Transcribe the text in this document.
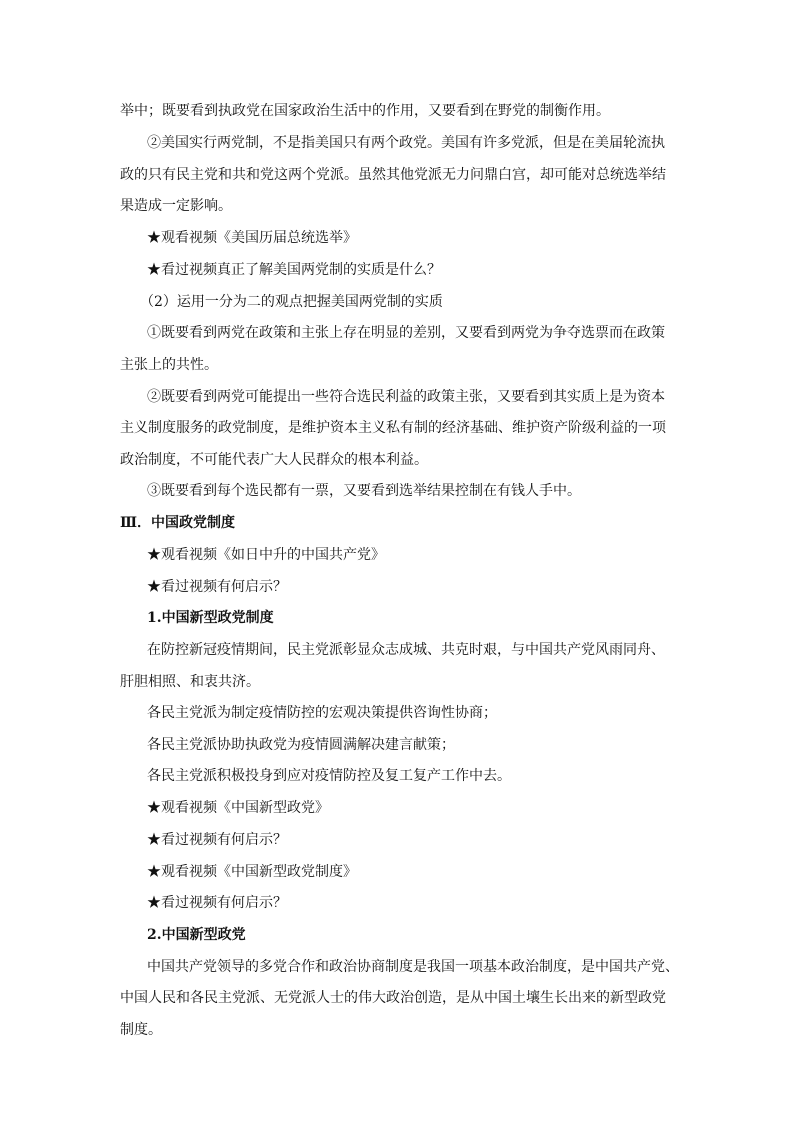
举中；既要看到执政党在国家政治生活中的作用，又要看到在野党的制衡作用。
②美国实行两党制，不是指美国只有两个政党。美国有许多党派，但是在美届轮流执
政的只有民主党和共和党这两个党派。虽然其他党派无力问鼎白宫，却可能对总统选举结
果造成一定影响。
★观看视频《美国历届总统选举》
★看过视频真正了解美国两党制的实质是什么？
（2）运用一分为二的观点把握美国两党制的实质
①既要看到两党在政策和主张上存在明显的差别，又要看到两党为争夺选票而在政策
主张上的共性。
②既要看到两党可能提出一些符合选民利益的政策主张，又要看到其实质上是为资本
主义制度服务的政党制度，是维护资本主义私有制的经济基础、维护资产阶级利益的一项
政治制度，不可能代表广大人民群众的根本利益。
③既要看到每个选民都有一票，又要看到选举结果控制在有钱人手中。
Ⅲ．中国政党制度
★观看视频《如日中升的中国共产党》
★看过视频有何启示？
1.中国新型政党制度
在防控新冠疫情期间，民主党派彰显众志成城、共克时艰，与中国共产党风雨同舟、
肝胆相照、和衷共济。
各民主党派为制定疫情防控的宏观决策提供咨询性协商；
各民主党派协助执政党为疫情圆满解决建言献策；
各民主党派积极投身到应对疫情防控及复工复产工作中去。
★观看视频《中国新型政党》
★看过视频有何启示？
★观看视频《中国新型政党制度》
★看过视频有何启示？
2.中国新型政党
中国共产党领导的多党合作和政治协商制度是我国一项基本政治制度，是中国共产党、
中国人民和各民主党派、无党派人士的伟大政治创造，是从中国土壤生长出来的新型政党
制度。
